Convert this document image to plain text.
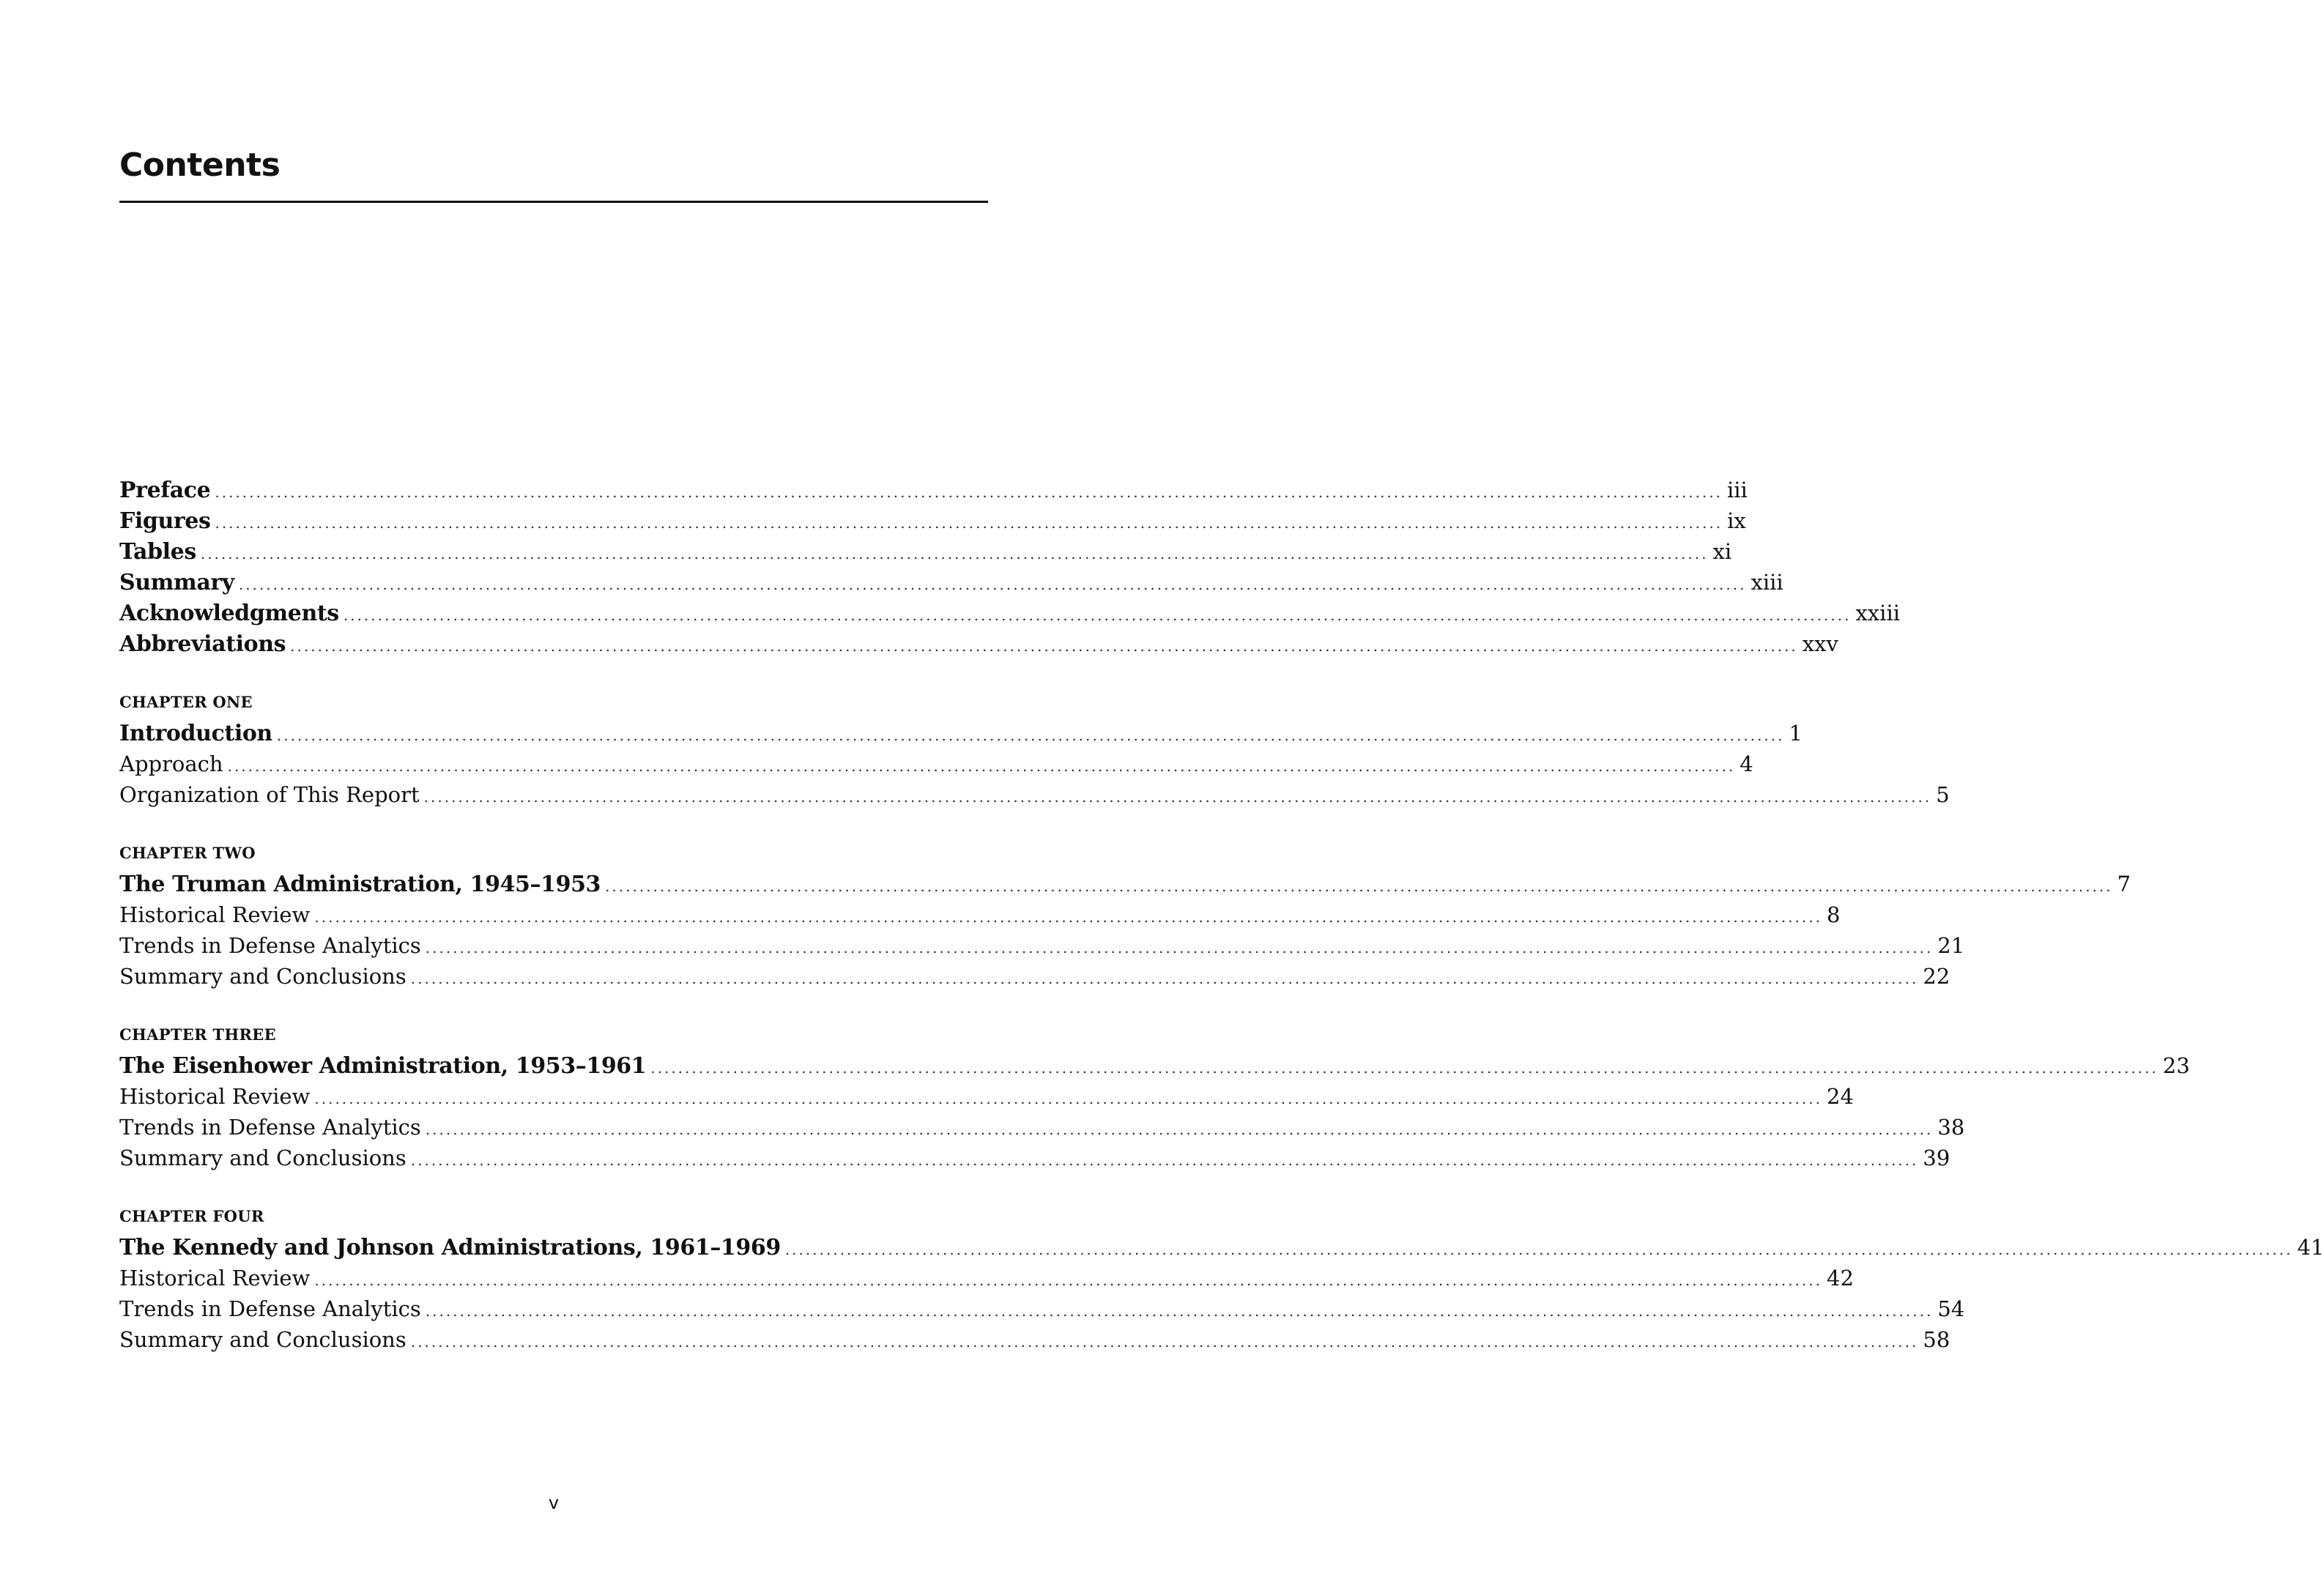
Contents
Preface ............................................................................................................................................................................................................................ iii
Figures ............................................................................................................................................................................................................................ ix
Tables ............................................................................................................................................................................................................................ xi
Summary ............................................................................................................................................................................................................................ xiii
Acknowledgments ............................................................................................................................................................................................................................ xxiii
Abbreviations ............................................................................................................................................................................................................................ xxv
CHAPTER ONE
Introduction ............................................................................................................................................................................................................................ 1
Approach ............................................................................................................................................................................................................................ 4
Organization of This Report ............................................................................................................................................................................................................................ 5
CHAPTER TWO
The Truman Administration, 1945–1953 ............................................................................................................................................................................................................................ 7
Historical Review ............................................................................................................................................................................................................................ 8
Trends in Defense Analytics ............................................................................................................................................................................................................................ 21
Summary and Conclusions ............................................................................................................................................................................................................................ 22
CHAPTER THREE
The Eisenhower Administration, 1953–1961 ............................................................................................................................................................................................................................ 23
Historical Review ............................................................................................................................................................................................................................ 24
Trends in Defense Analytics ............................................................................................................................................................................................................................ 38
Summary and Conclusions ............................................................................................................................................................................................................................ 39
CHAPTER FOUR
The Kennedy and Johnson Administrations, 1961–1969 ............................................................................................................................................................................................................................ 41
Historical Review ............................................................................................................................................................................................................................ 42
Trends in Defense Analytics ............................................................................................................................................................................................................................ 54
Summary and Conclusions ............................................................................................................................................................................................................................ 58
v
